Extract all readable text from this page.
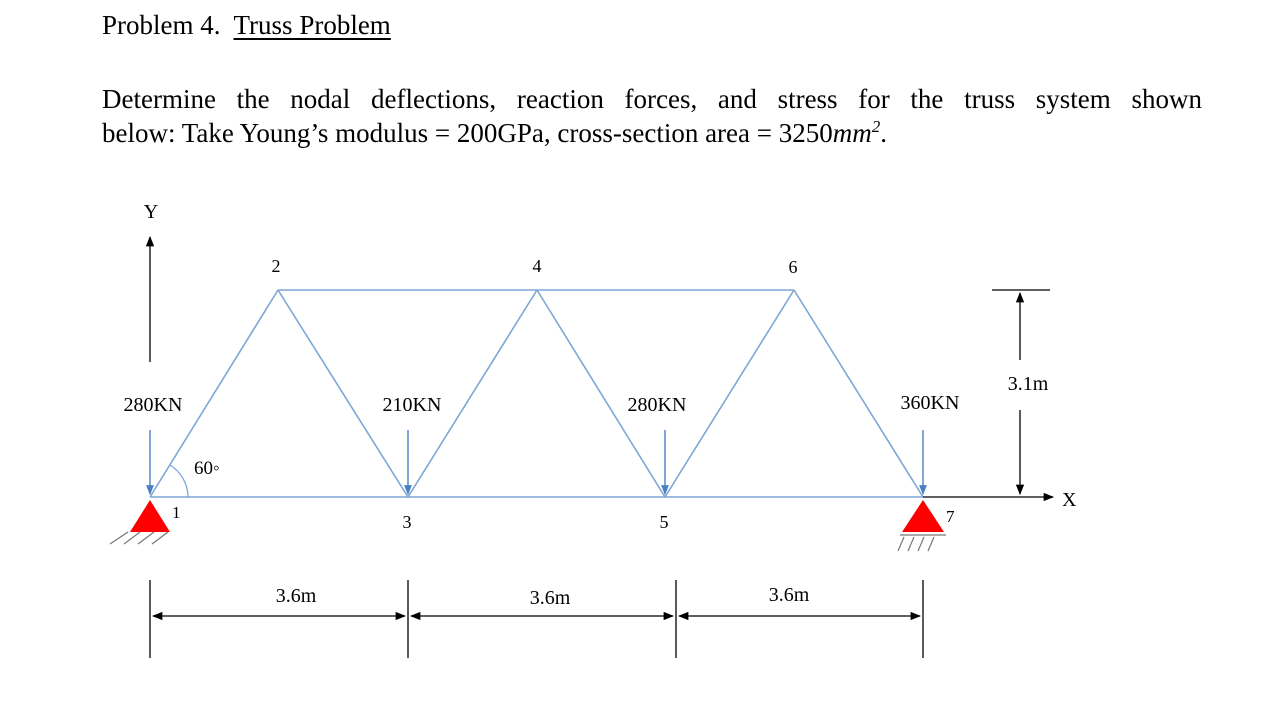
Problem 4. Truss Problem
Determine the nodal deflections, reaction forces, and stress for the truss system shown
below: Take Young’s modulus = 200GPa, cross-section area = $3250mm^2$.
Y
X
60◦
280KN	210KN	280KN	360KN
1
2
3
4
5
6
7
3.1m
3.6m	3.6m	3.6m
